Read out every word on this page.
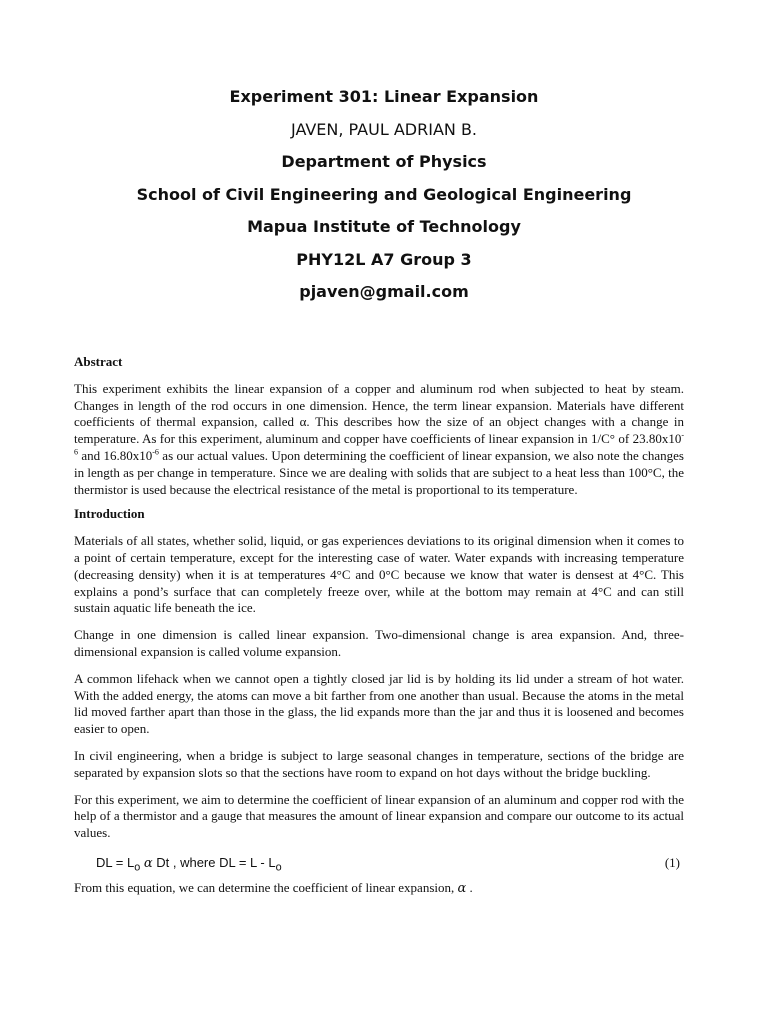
Experiment 301: Linear Expansion
JAVEN, PAUL ADRIAN B.
Department of Physics
School of Civil Engineering and Geological Engineering
Mapua Institute of Technology
PHY12L A7 Group 3
pjaven@gmail.com
Abstract

This experiment exhibits the linear expansion of a copper and aluminum rod when subjected to heat by steam. Changes in length of the rod occurs in one dimension. Hence, the term linear expansion. Materials have different coefficients of thermal expansion, called α. This describes how the size of an object changes with a change in temperature. As for this experiment, aluminum and copper have coefficients of linear expansion in 1/C° of $23.80x10^{-6}$ and $16.80x10^{-6}$ as our actual values. Upon determining the coefficient of linear expansion, we also note the changes in length as per change in temperature. Since we are dealing with solids that are subject to a heat less than 100°C, the thermistor is used because the electrical resistance of the metal is proportional to its temperature.

Introduction

Materials of all states, whether solid, liquid, or gas experiences deviations to its original dimension when it comes to a point of certain temperature, except for the interesting case of water. Water expands with increasing temperature (decreasing density) when it is at temperatures 4°C and 0°C because we know that water is densest at 4°C. This explains a pond’s surface that can completely freeze over, while at the bottom may remain at 4°C and can still sustain aquatic life beneath the ice.

Change in one dimension is called linear expansion. Two-dimensional change is area expansion. And, three-dimensional expansion is called volume expansion.

A common lifehack when we cannot open a tightly closed jar lid is by holding its lid under a stream of hot water. With the added energy, the atoms can move a bit farther from one another than usual. Because the atoms in the metal lid moved farther apart than those in the glass, the lid expands more than the jar and thus it is loosened and becomes easier to open.

In civil engineering, when a bridge is subject to large seasonal changes in temperature, sections of the bridge are separated by expansion slots so that the sections have room to expand on hot days without the bridge buckling.

For this experiment, we aim to determine the coefficient of linear expansion of an aluminum and copper rod with the help of a thermistor and a gauge that measures the amount of linear expansion and compare our outcome to its actual values.

DL = $L_o$ α Dt , where DL = L - $L_o$	(1)

From this equation, we can determine the coefficient of linear expansion, α .
